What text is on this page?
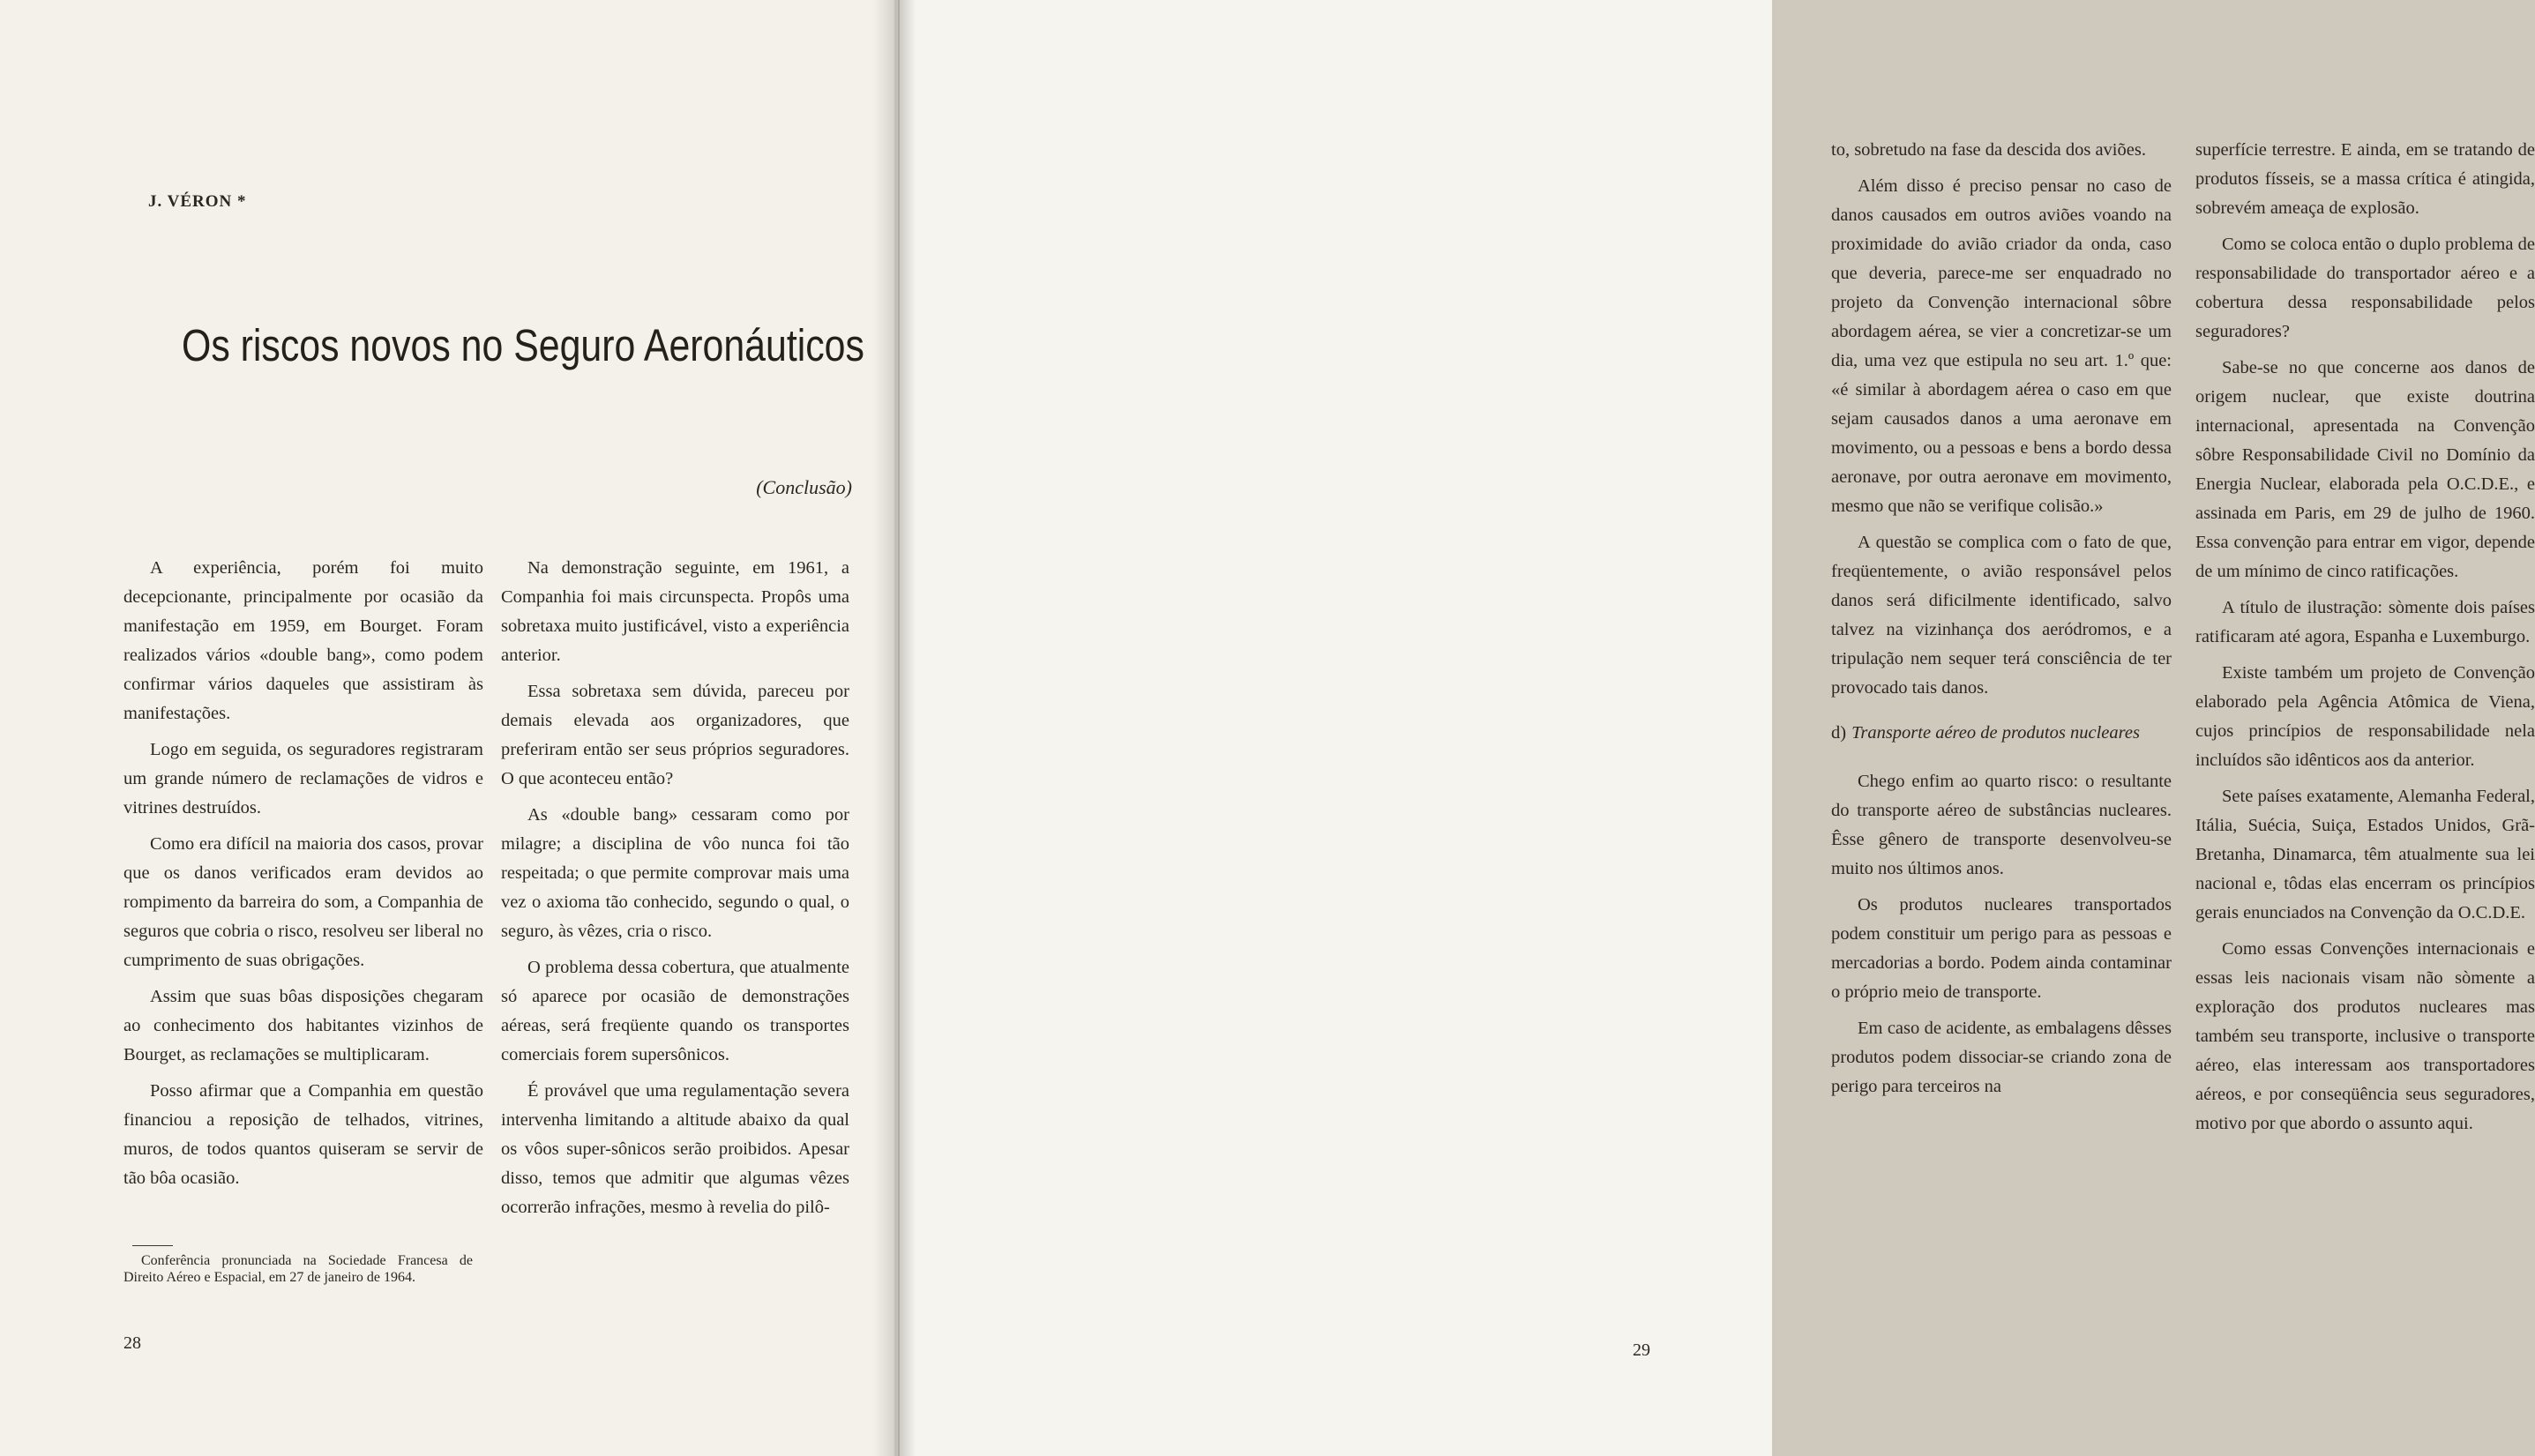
J. VÉRON *
Os riscos novos no Seguro Aeronáuticos
(Conclusão)

A experiência, porém foi muito decepcionante, principalmente por ocasião da manifestação em 1959, em Bourget. Foram realizados vários «double bang», como podem confirmar vários daqueles que assistiram às manifestações.

Logo em seguida, os seguradores registraram um grande número de reclamações de vidros e vitrines destruídos.

Como era difícil na maioria dos casos, provar que os danos verificados eram devidos ao rompimento da barreira do som, a Companhia de seguros que cobria o risco, resolveu ser liberal no cumprimento de suas obrigações.

Assim que suas bôas disposições chegaram ao conhecimento dos habitantes vizinhos de Bourget, as reclamações se multiplicaram.

Posso afirmar que a Companhia em questão financiou a reposição de telhados, vitrines, muros, de todos quantos quiseram se servir de tão bôa ocasião.

Conferência pronunciada na Sociedade Francesa de Direito Aéreo e Espacial, em 27 de janeiro de 1964.

Na demonstração seguinte, em 1961, a Companhia foi mais circunspecta. Propôs uma sobretaxa muito justificável, visto a experiência anterior.

Essa sobretaxa sem dúvida, pareceu por demais elevada aos organizadores, que preferiram então ser seus próprios seguradores. O que aconteceu então?

As «double bang» cessaram como por milagre; a disciplina de vôo nunca foi tão respeitada; o que permite comprovar mais uma vez o axioma tão conhecido, segundo o qual, o seguro, às vêzes, cria o risco.

O problema dessa cobertura, que atualmente só aparece por ocasião de demonstrações aéreas, será freqüente quando os transportes comerciais forem supersônicos.

É provável que uma regulamentação severa intervenha limitando a altitude abaixo da qual os vôos super-sônicos serão proibidos. Apesar disso, temos que admitir que algumas vêzes ocorrerão infrações, mesmo à revelia do pilô-

28

to, sobretudo na fase da descida dos aviões.

Além disso é preciso pensar no caso de danos causados em outros aviões voando na proximidade do avião criador da onda, caso que deveria, parece-me ser enquadrado no projeto da Convenção internacional sôbre abordagem aérea, se vier a concretizar-se um dia, uma vez que estipula no seu art. 1.º que: «é similar à abordagem aérea o caso em que sejam causados danos a uma aeronave em movimento, ou a pessoas e bens a bordo dessa aeronave, por outra aeronave em movimento, mesmo que não se verifique colisão.»

A questão se complica com o fato de que, freqüentemente, o avião responsável pelos danos será dificilmente identificado, salvo talvez na vizinhança dos aeródromos, e a tripulação nem sequer terá consciência de ter provocado tais danos.

d) Transporte aéreo de produtos nucleares

Chego enfim ao quarto risco: o resultante do transporte aéreo de substâncias nucleares. Êsse gênero de transporte desenvolveu-se muito nos últimos anos.

Os produtos nucleares transportados podem constituir um perigo para as pessoas e mercadorias a bordo. Podem ainda contaminar o próprio meio de transporte.

Em caso de acidente, as embalagens dêsses produtos podem dissociar-se criando zona de perigo para terceiros na

superfície terrestre. E ainda, em se tratando de produtos físseis, se a massa crítica é atingida, sobrevém ameaça de explosão.

Como se coloca então o duplo problema de responsabilidade do transportador aéreo e a cobertura dessa responsabilidade pelos seguradores?

Sabe-se no que concerne aos danos de origem nuclear, que existe doutrina internacional, apresentada na Convenção sôbre Responsabilidade Civil no Domínio da Energia Nuclear, elaborada pela O.C.D.E., e assinada em Paris, em 29 de julho de 1960. Essa convenção para entrar em vigor, depende de um mínimo de cinco ratificações.

A título de ilustração: sòmente dois países ratificaram até agora, Espanha e Luxemburgo.

Existe também um projeto de Convenção elaborado pela Agência Atômica de Viena, cujos princípios de responsabilidade nela incluídos são idênticos aos da anterior.

Sete países exatamente, Alemanha Federal, Itália, Suécia, Suiça, Estados Unidos, Grã-Bretanha, Dinamarca, têm atualmente sua lei nacional e, tôdas elas encerram os princípios gerais enunciados na Convenção da O.C.D.E.

Como essas Convenções internacionais e essas leis nacionais visam não sòmente a exploração dos produtos nucleares mas também seu transporte, inclusive o transporte aéreo, elas interessam aos transportadores aéreos, e por conseqüência seus seguradores, motivo por que abordo o assunto aqui.

29
